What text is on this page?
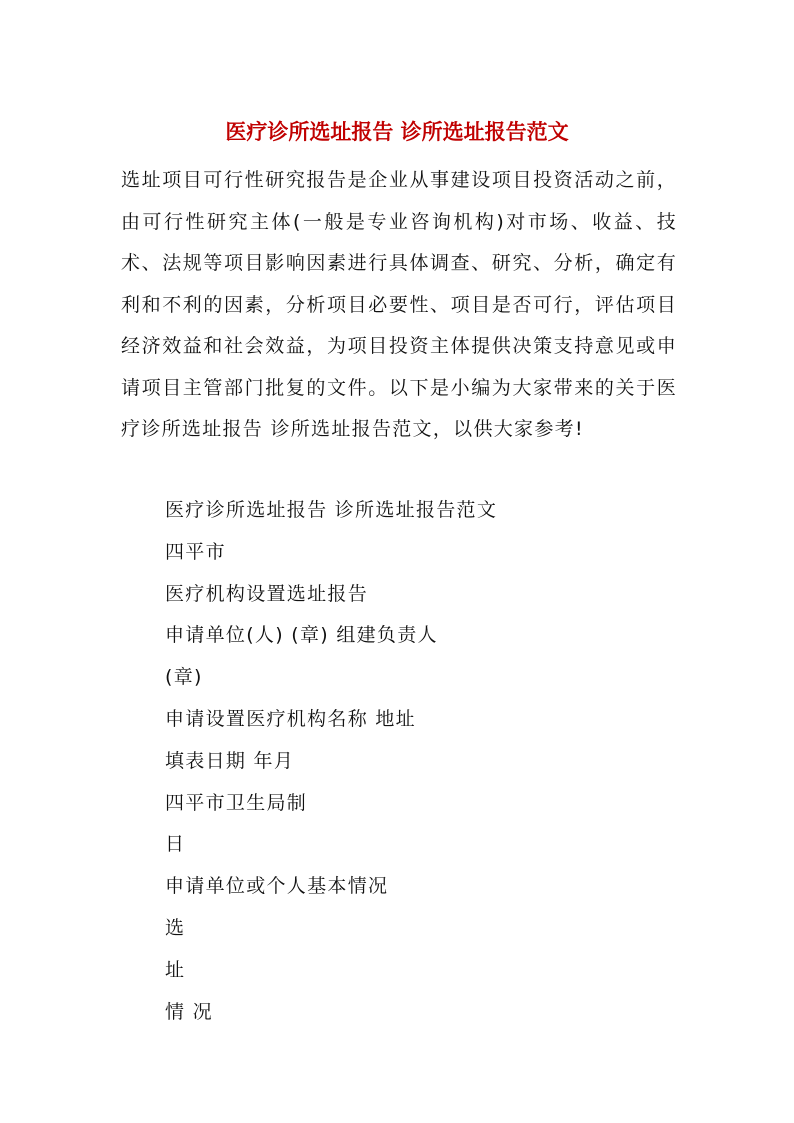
医疗诊所选址报告 诊所选址报告范文

选址项目可行性研究报告是企业从事建设项目投资活动之前，由可行性研究主体(一般是专业咨询机构)对市场、收益、技术、法规等项目影响因素进行具体调查、研究、分析，确定有利和不利的因素，分析项目必要性、项目是否可行，评估项目经济效益和社会效益，为项目投资主体提供决策支持意见或申请项目主管部门批复的文件。以下是小编为大家带来的关于医疗诊所选址报告 诊所选址报告范文，以供大家参考!

医疗诊所选址报告 诊所选址报告范文
四平市
医疗机构设置选址报告
申请单位(人) (章) 组建负责人
(章)
申请设置医疗机构名称 地址
填表日期 年月
四平市卫生局制
日
申请单位或个人基本情况
选
址
情 况
